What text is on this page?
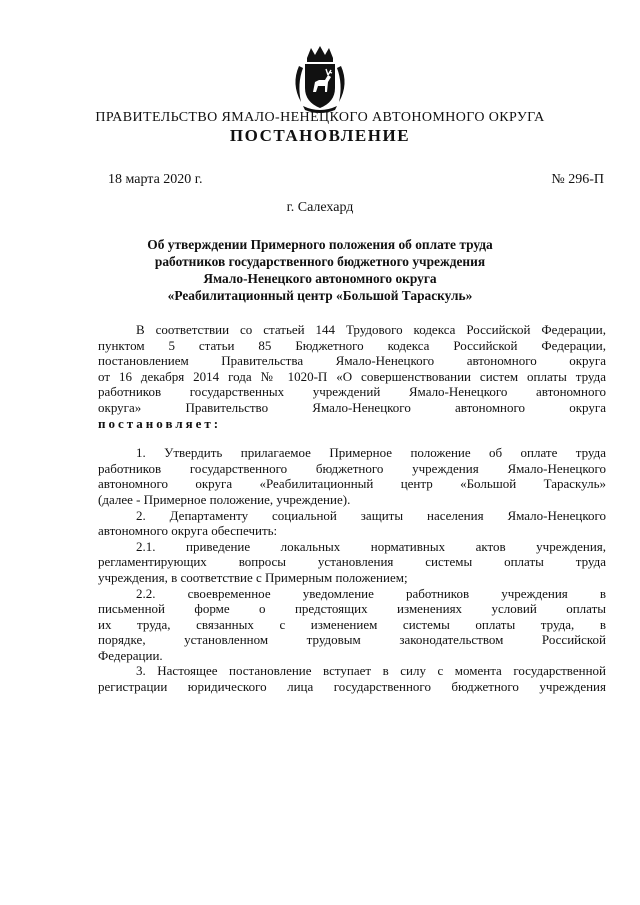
ПРАВИТЕЛЬСТВО ЯМАЛО-НЕНЕЦКОГО АВТОНОМНОГО ОКРУГА
ПОСТАНОВЛЕНИЕ
18 марта 2020 г.	№ 296-П
г. Салехард
Об утверждении Примерного положения об оплате труда
работников государственного бюджетного учреждения
Ямало-Ненецкого автономного округа
«Реабилитационный центр «Большой Тараскуль»
В соответствии со статьей 144 Трудового кодекса Российской Федерации,
пунктом 5 статьи 85 Бюджетного кодекса Российской Федерации,
постановлением Правительства Ямало-Ненецкого автономного округа
от 16 декабря 2014 года № 1020-П «О совершенствовании систем оплаты труда
работников государственных учреждений Ямало-Ненецкого автономного
округа» Правительство Ямало-Ненецкого автономного округа
постановляет:
1. Утвердить прилагаемое Примерное положение об оплате труда
работников государственного бюджетного учреждения Ямало-Ненецкого
автономного округа «Реабилитационный центр «Большой Тараскуль»
(далее - Примерное положение, учреждение).
2. Департаменту социальной защиты населения Ямало-Ненецкого
автономного округа обеспечить:
2.1. приведение локальных нормативных актов учреждения,
регламентирующих вопросы установления системы оплаты труда
учреждения, в соответствие с Примерным положением;
2.2. своевременное уведомление работников учреждения в
письменной форме о предстоящих изменениях условий оплаты
их труда, связанных с изменением системы оплаты труда, в
порядке, установленном трудовым законодательством Российской
Федерации.
3. Настоящее постановление вступает в силу с момента государственной
регистрации юридического лица государственного бюджетного учреждения
